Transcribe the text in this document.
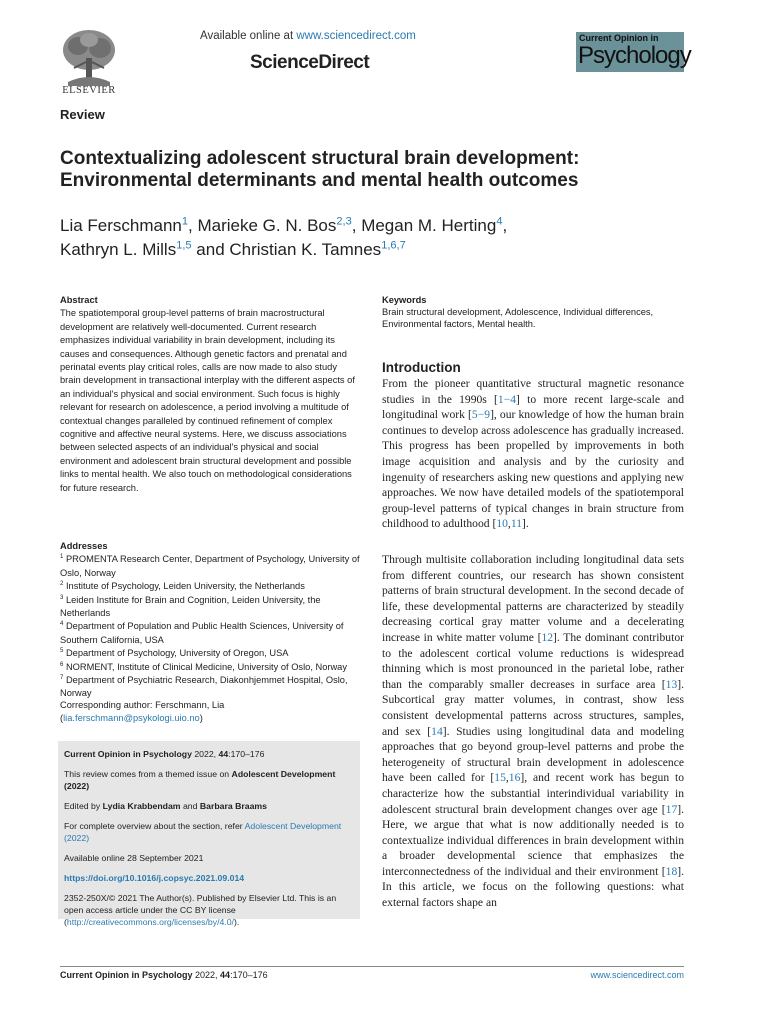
ELSEVIER
Available online at www.sciencedirect.com
ScienceDirect
Current Opinion in
Psychology
Review
Contextualizing adolescent structural brain development: Environmental determinants and mental health outcomes
Lia Ferschmann$^1$, Marieke G. N. Bos$^{2,3}$, Megan M. Herting$^4$,
Kathryn L. Mills$^{1,5}$ and Christian K. Tamnes$^{1,6,7}$
Abstract
The spatiotemporal group-level patterns of brain macrostructural development are relatively well-documented. Current research emphasizes individual variability in brain development, including its causes and consequences. Although genetic factors and prenatal and perinatal events play critical roles, calls are now made to also study brain development in transactional interplay with the different aspects of an individual's physical and social environment. Such focus is highly relevant for research on adolescence, a period involving a multitude of contextual changes paralleled by continued refinement of complex cognitive and affective neural systems. Here, we discuss associations between selected aspects of an individual's physical and social environment and adolescent brain structural development and possible links to mental health. We also touch on methodological considerations for future research.
Addresses
$^1$ PROMENTA Research Center, Department of Psychology, University of Oslo, Norway
$^2$ Institute of Psychology, Leiden University, the Netherlands
$^3$ Leiden Institute for Brain and Cognition, Leiden University, the Netherlands
$^4$ Department of Population and Public Health Sciences, University of Southern California, USA
$^5$ Department of Psychology, University of Oregon, USA
$^6$ NORMENT, Institute of Clinical Medicine, University of Oslo, Norway
$^7$ Department of Psychiatric Research, Diakonhjemmet Hospital, Oslo, Norway
Corresponding author: Ferschmann, Lia (lia.ferschmann@psykologi.uio.no)

Current Opinion in Psychology 2022, 44:170–176

This review comes from a themed issue on Adolescent Development (2022)

Edited by Lydia Krabbendam and Barbara Braams

For complete overview about the section, refer Adolescent Development (2022)

Available online 28 September 2021

https://doi.org/10.1016/j.copsyc.2021.09.014

2352-250X/© 2021 The Author(s). Published by Elsevier Ltd. This is an open access article under the CC BY license (http://creativecommons.org/licenses/by/4.0/).

Keywords
Brain structural development, Adolescence, Individual differences, Environmental factors, Mental health.
Introduction
From the pioneer quantitative structural magnetic resonance studies in the 1990s [1−4] to more recent large-scale and longitudinal work [5−9], our knowledge of how the human brain continues to develop across adolescence has gradually increased. This progress has been propelled by improvements in both image acquisition and analysis and by the curiosity and ingenuity of researchers asking new questions and applying new approaches. We now have detailed models of the spatiotemporal group-level patterns of typical changes in brain structure from childhood to adulthood [10,11].
Through multisite collaboration including longitudinal data sets from different countries, our research has shown consistent patterns of brain structural development. In the second decade of life, these developmental patterns are characterized by steadily decreasing cortical gray matter volume and a decelerating increase in white matter volume [12]. The dominant contributor to the adolescent cortical volume reductions is widespread thinning which is most pronounced in the parietal lobe, rather than the comparably smaller decreases in surface area [13]. Subcortical gray matter volumes, in contrast, show less consistent developmental patterns across structures, samples, and sex [14]. Studies using longitudinal data and modeling approaches that go beyond group-level patterns and probe the heterogeneity of structural brain development in adolescence have been called for [15,16], and recent work has begun to characterize how the substantial interindividual variability in adolescent structural brain development changes over age [17]. Here, we argue that what is now additionally needed is to contextualize individual differences in brain development within a broader developmental science that emphasizes the interconnectedness of the individual and their environment [18]. In this article, we focus on the following questions: what external factors shape an
Current Opinion in Psychology 2022, 44:170–176	www.sciencedirect.com
